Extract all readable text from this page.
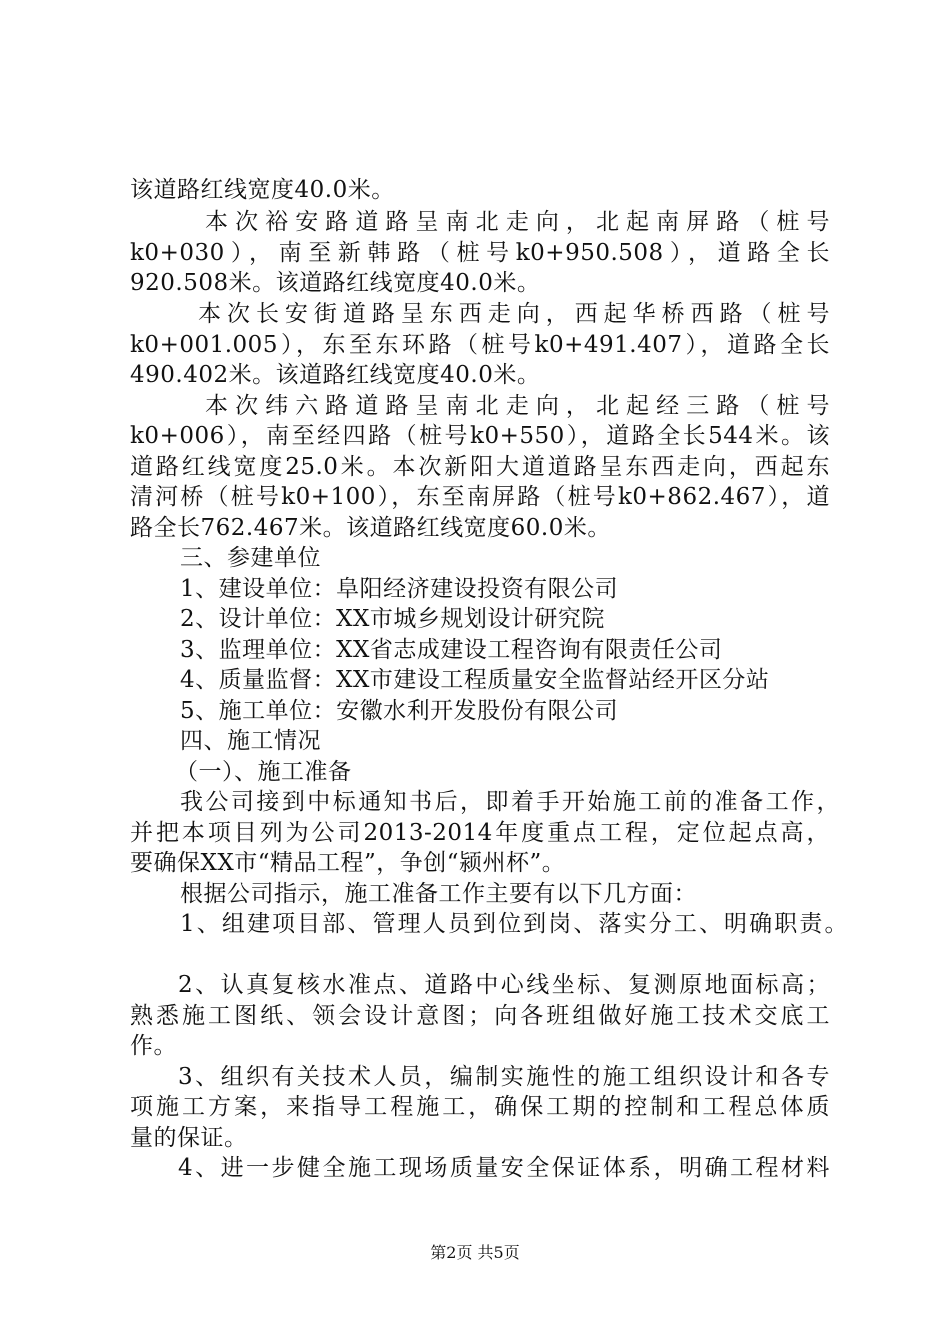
该道路红线宽度40.0米。
本次裕安路道路呈南北走向，北起南屏路（桩号
k0+030），南至新韩路（桩号k0+950.508），道路全长
920.508米。该道路红线宽度40.0米。
本次长安街道路呈东西走向，西起华桥西路（桩号
k0+001.005），东至东环路（桩号k0+491.407），道路全长
490.402米。该道路红线宽度40.0米。
本次纬六路道路呈南北走向，北起经三路（桩号
k0+006），南至经四路（桩号k0+550），道路全长544米。该
道路红线宽度25.0米。本次新阳大道道路呈东西走向，西起东
清河桥（桩号k0+100），东至南屏路（桩号k0+862.467），道
路全长762.467米。该道路红线宽度60.0米。
三、参建单位
1、建设单位：阜阳经济建设投资有限公司
2、设计单位：XX市城乡规划设计研究院
3、监理单位：XX省志成建设工程咨询有限责任公司
4、质量监督：XX市建设工程质量安全监督站经开区分站
5、施工单位：安徽水利开发股份有限公司
四、施工情况
（一）、施工准备
我公司接到中标通知书后，即着手开始施工前的准备工作，
并把本项目列为公司2013-2014年度重点工程，定位起点高，
要确保XX市“精品工程”，争创“颍州杯”。
根据公司指示，施工准备工作主要有以下几方面：
1、组建项目部、管理人员到位到岗、落实分工、明确职责。
2、认真复核水准点、道路中心线坐标、复测原地面标高；
熟悉施工图纸、领会设计意图；向各班组做好施工技术交底工
作。
3、组织有关技术人员，编制实施性的施工组织设计和各专
项施工方案，来指导工程施工，确保工期的控制和工程总体质
量的保证。
4、进一步健全施工现场质量安全保证体系，明确工程材料
第2页 共5页
